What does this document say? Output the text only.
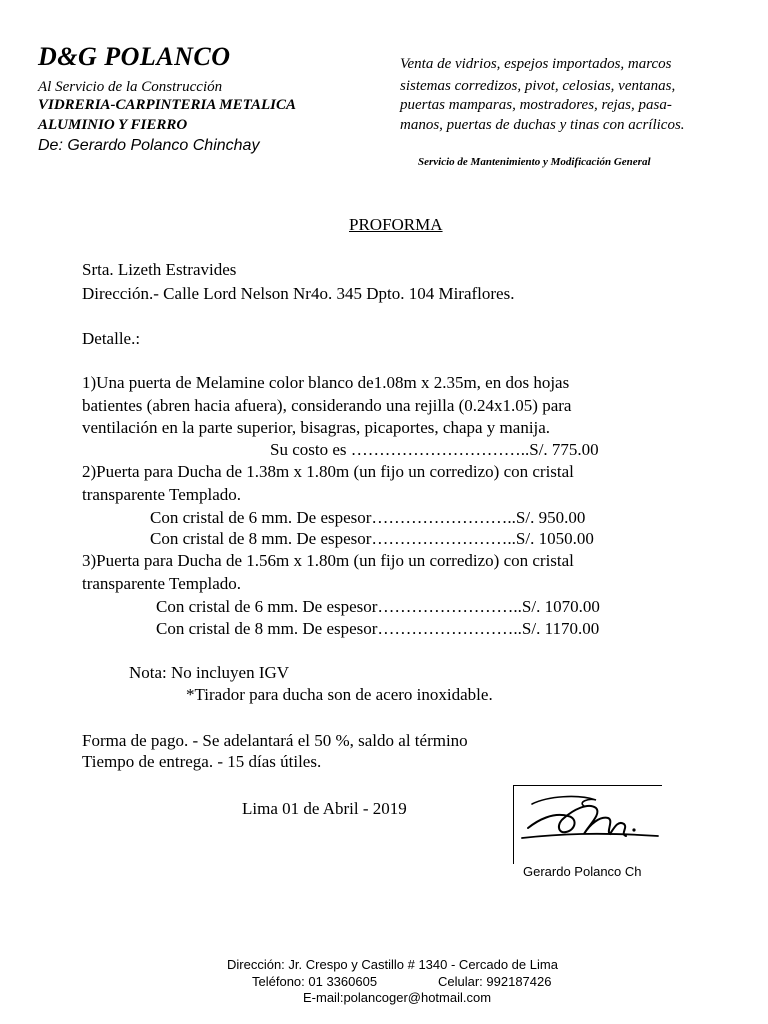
D&G POLANCO
Al Servicio de la Construcción
VIDRERIA-CARPINTERIA METALICA
ALUMINIO Y FIERRO
De: Gerardo Polanco Chinchay
Venta de vidrios, espejos importados, marcos
sistemas corredizos, pivot, celosias, ventanas,
puertas mamparas, mostradores, rejas, pasa-
manos, puertas de duchas y tinas con acrílicos.
Servicio de Mantenimiento y Modificación General
PROFORMA
Srta. Lizeth Estravides
Dirección.- Calle Lord Nelson Nr4o. 345 Dpto. 104 Miraflores.
Detalle.:
1)Una puerta de Melamine color blanco de1.08m x 2.35m, en dos hojas
batientes (abren hacia afuera), considerando una rejilla (0.24x1.05) para
ventilación en la parte superior, bisagras, picaportes, chapa y manija.
Su costo es …………………………..S/. 775.00
2)Puerta para Ducha de 1.38m x 1.80m (un fijo un corredizo) con cristal
transparente Templado.
Con cristal de 6 mm. De espesor……………………..S/. 950.00
Con cristal de 8 mm. De espesor……………………..S/. 1050.00
3)Puerta para Ducha de 1.56m x 1.80m (un fijo un corredizo) con cristal
transparente Templado.
Con cristal de 6 mm. De espesor……………………..S/. 1070.00
Con cristal de 8 mm. De espesor……………………..S/. 1170.00
Nota: No incluyen IGV
*Tirador para ducha son de acero inoxidable.
Forma de pago. - Se adelantará el 50 %, saldo al término
Tiempo de entrega. - 15 días útiles.
Lima 01 de Abril - 2019
Gerardo Polanco Ch
Dirección: Jr. Crespo y Castillo # 1340 - Cercado de Lima
Teléfono: 01 3360605	Celular: 992187426
E-mail:polancoger@hotmail.com
